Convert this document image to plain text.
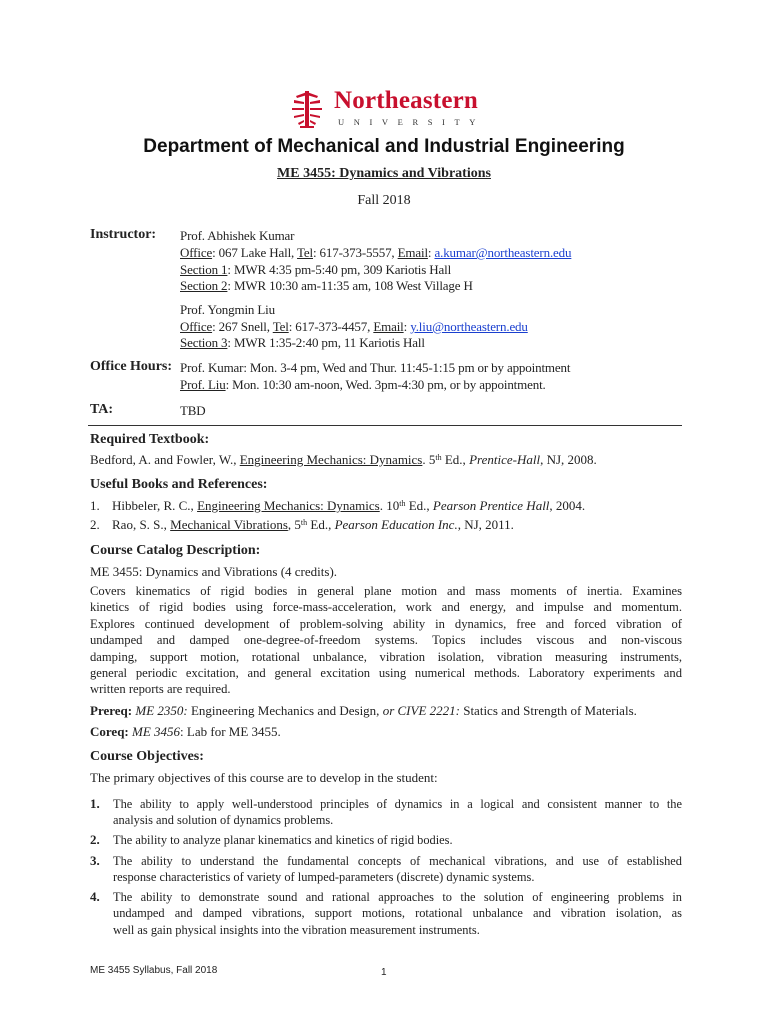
Northeastern
UNIVERSITY
Department of Mechanical and Industrial Engineering
ME 3455: Dynamics and Vibrations
Fall 2018
Instructor: Prof. Abhishek Kumar
Office: 067 Lake Hall, Tel: 617-373-5557, Email: a.kumar@northeastern.edu
Section 1: MWR 4:35 pm-5:40 pm, 309 Kariotis Hall
Section 2: MWR 10:30 am-11:35 am, 108 West Village H
Prof. Yongmin Liu
Office: 267 Snell, Tel: 617-373-4457, Email: y.liu@northeastern.edu
Section 3: MWR 1:35-2:40 pm, 11 Kariotis Hall
Office Hours: Prof. Kumar: Mon. 3-4 pm, Wed and Thur. 11:45-1:15 pm or by appointment
Prof. Liu: Mon. 10:30 am-noon, Wed. 3pm-4:30 pm, or by appointment.
TA:	TBD
Required Textbook:
Bedford, A. and Fowler, W., Engineering Mechanics: Dynamics. 5th Ed., Prentice-Hall, NJ, 2008.
Useful Books and References:
1. Hibbeler, R. C., Engineering Mechanics: Dynamics. 10th Ed., Pearson Prentice Hall, 2004.
2. Rao, S. S., Mechanical Vibrations, 5th Ed., Pearson Education Inc., NJ, 2011.
Course Catalog Description:
ME 3455: Dynamics and Vibrations (4 credits).
Covers kinematics of rigid bodies in general plane motion and mass moments of inertia. Examines
kinetics of rigid bodies using force-mass-acceleration, work and energy, and impulse and momentum.
Explores continued development of problem-solving ability in dynamics, free and forced vibration of
undamped and damped one-degree-of-freedom systems. Topics includes viscous and non-viscous
damping, support motion, rotational unbalance, vibration isolation, vibration measuring instruments,
general periodic excitation, and general excitation using numerical methods. Laboratory experiments and
written reports are required.
Prereq: ME 2350: Engineering Mechanics and Design, or CIVE 2221: Statics and Strength of Materials.
Coreq: ME 3456: Lab for ME 3455.
Course Objectives:
The primary objectives of this course are to develop in the student:
1. The ability to apply well-understood principles of dynamics in a logical and consistent manner to the
analysis and solution of dynamics problems.
2. The ability to analyze planar kinematics and kinetics of rigid bodies.
3. The ability to understand the fundamental concepts of mechanical vibrations, and use of established
response characteristics of variety of lumped-parameters (discrete) dynamic systems.
4. The ability to demonstrate sound and rational approaches to the solution of engineering problems in
undamped and damped vibrations, support motions, rotational unbalance and vibration isolation, as
well as gain physical insights into the vibration measurement instruments.
ME 3455 Syllabus, Fall 2018	1
